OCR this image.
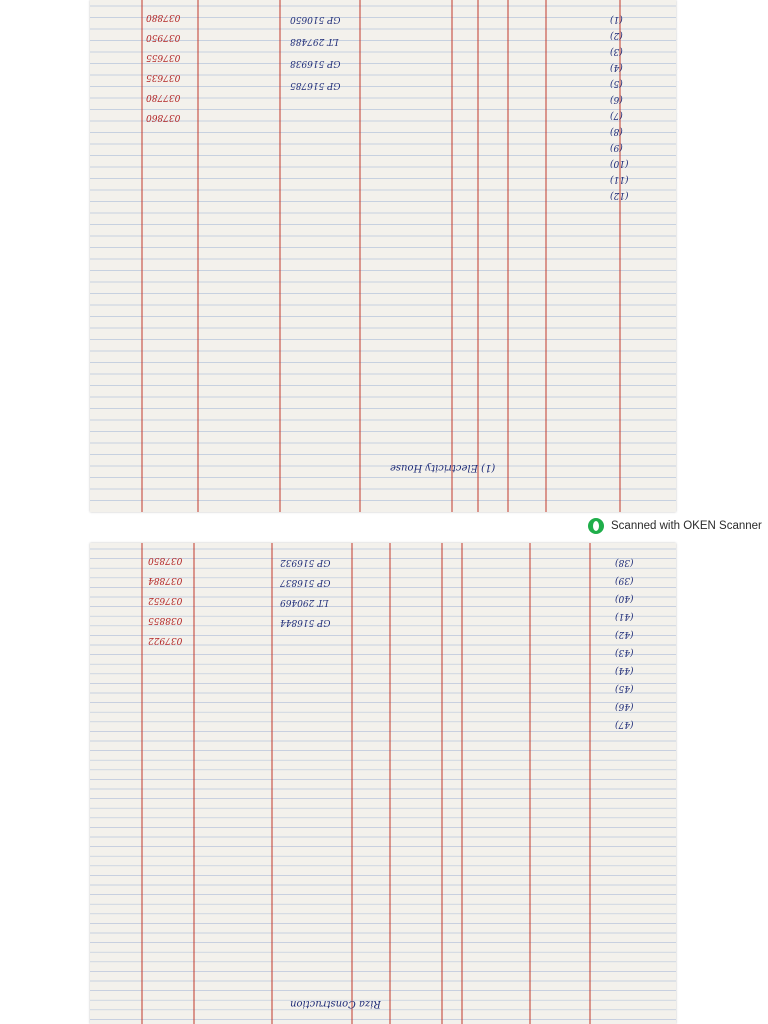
(1) Electricity House
(1)
(2)
(3)
(4)
(5)
(6)
(7)
(8)
(9)
(10)
(11)
(12)
037880
037950
037655
037635
037780
037860
GP 510650
LT 297488
GP 516938
GP 516785
Scanned with OKEN Scanner
Riza Construction
(38)
(39)
(40)
(41)
(42)
(43)
(44)
(45)
(46)
(47)
037850
037884
037652
038855
037922
GP 516932
GP 516837
LT 290469
GP 516844
